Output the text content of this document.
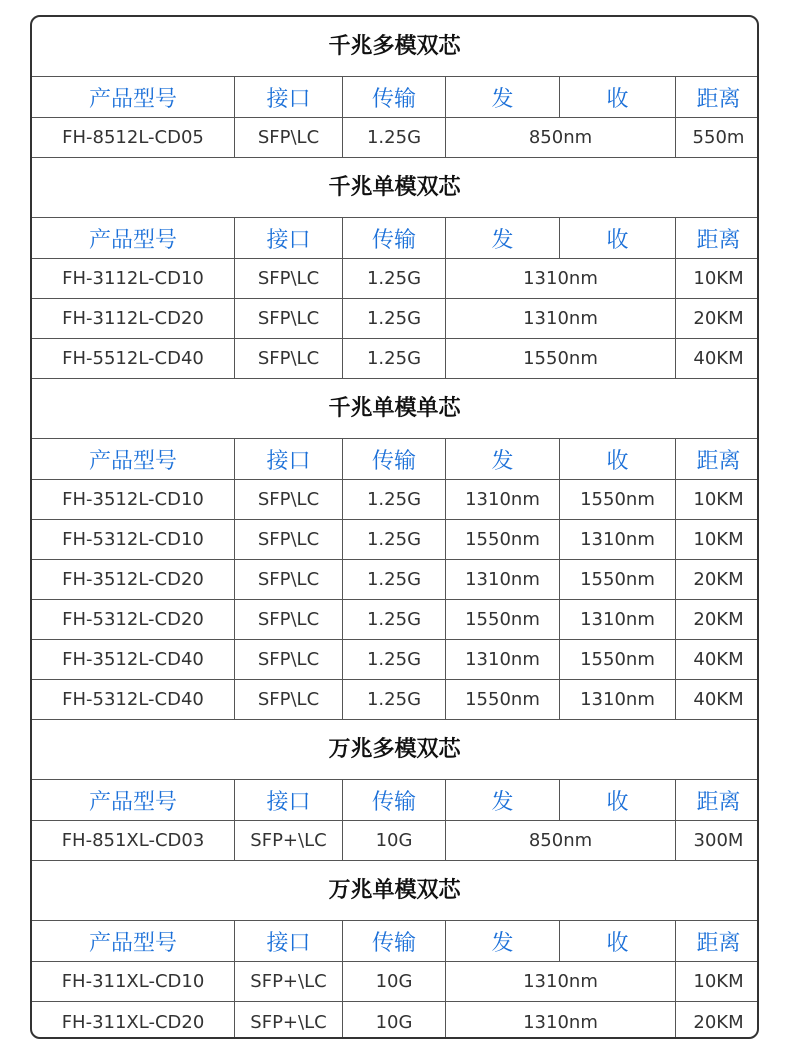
千兆多模双芯
产品型号	接口	传输	发	收	距离
FH-8512L-CD05	SFP\LC	1.25G	850nm	550m
千兆单模双芯
产品型号	接口	传输	发	收	距离
FH-3112L-CD10	SFP\LC	1.25G	1310nm	10KM
FH-3112L-CD20	SFP\LC	1.25G	1310nm	20KM
FH-5512L-CD40	SFP\LC	1.25G	1550nm	40KM
千兆单模单芯
产品型号	接口	传输	发	收	距离
FH-3512L-CD10	SFP\LC	1.25G	1310nm	1550nm	10KM
FH-5312L-CD10	SFP\LC	1.25G	1550nm	1310nm	10KM
FH-3512L-CD20	SFP\LC	1.25G	1310nm	1550nm	20KM
FH-5312L-CD20	SFP\LC	1.25G	1550nm	1310nm	20KM
FH-3512L-CD40	SFP\LC	1.25G	1310nm	1550nm	40KM
FH-5312L-CD40	SFP\LC	1.25G	1550nm	1310nm	40KM
万兆多模双芯
产品型号	接口	传输	发	收	距离
FH-851XL-CD03	SFP+\LC	10G	850nm	300M
万兆单模双芯
产品型号	接口	传输	发	收	距离
FH-311XL-CD10	SFP+\LC	10G	1310nm	10KM
FH-311XL-CD20	SFP+\LC	10G	1310nm	20KM
